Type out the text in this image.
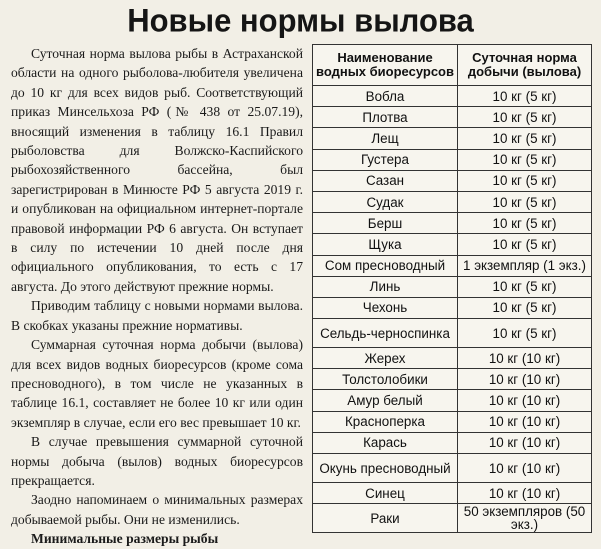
Новые нормы вылова

Суточная норма вылова рыбы в Астраханской области на одного рыболова-любителя увеличена до 10 кг для всех видов рыб. Соответствующий приказ Минсельхоза РФ (№ 438 от 25.07.19), вносящий изменения в таблицу 16.1 Правил рыболовства для Волжско-Каспийского рыбохозяйственного бассейна, был зарегистрирован в Минюсте РФ 5 августа 2019 г. и опубликован на официальном интернет-портале правовой информации РФ 6 августа. Он вступает в силу по истечении 10 дней после дня официального опубликования, то есть с 17 августа. До этого действуют прежние нормы.

Приводим таблицу с новыми нормами вылова. В скобках указаны прежние нормативы.

Суммарная суточная норма добычи (вылова) для всех видов водных биоресурсов (кроме сома пресноводного), в том числе не указанных в таблице 16.1, составляет не более 10 кг или один экземпляр в случае, если его вес превышает 10 кг.

В случае превышения суммарной суточной нормы добыча (вылов) водных биоресурсов прекращается.

Заодно напоминаем о минимальных размерах добываемой рыбы. Они не изменились.

Минимальные размеры рыбы

Наименование водных биоресурсов	Суточная норма добычи (вылова)
Вобла	10 кг (5 кг)
Плотва	10 кг (5 кг)
Лещ	10 кг (5 кг)
Густера	10 кг (5 кг)
Сазан	10 кг (5 кг)
Судак	10 кг (5 кг)
Берш	10 кг (5 кг)
Щука	10 кг (5 кг)
Сом пресноводный	1 экземпляр (1 экз.)
Линь	10 кг (5 кг)
Чехонь	10 кг (5 кг)
Сельдь-черноспинка	10 кг (5 кг)
Жерех	10 кг (10 кг)
Толстолобики	10 кг (10 кг)
Амур белый	10 кг (10 кг)
Красноперка	10 кг (10 кг)
Карась	10 кг (10 кг)
Окунь пресноводный	10 кг (10 кг)
Синец	10 кг (10 кг)
Раки	50 экземпляров (50 экз.)
